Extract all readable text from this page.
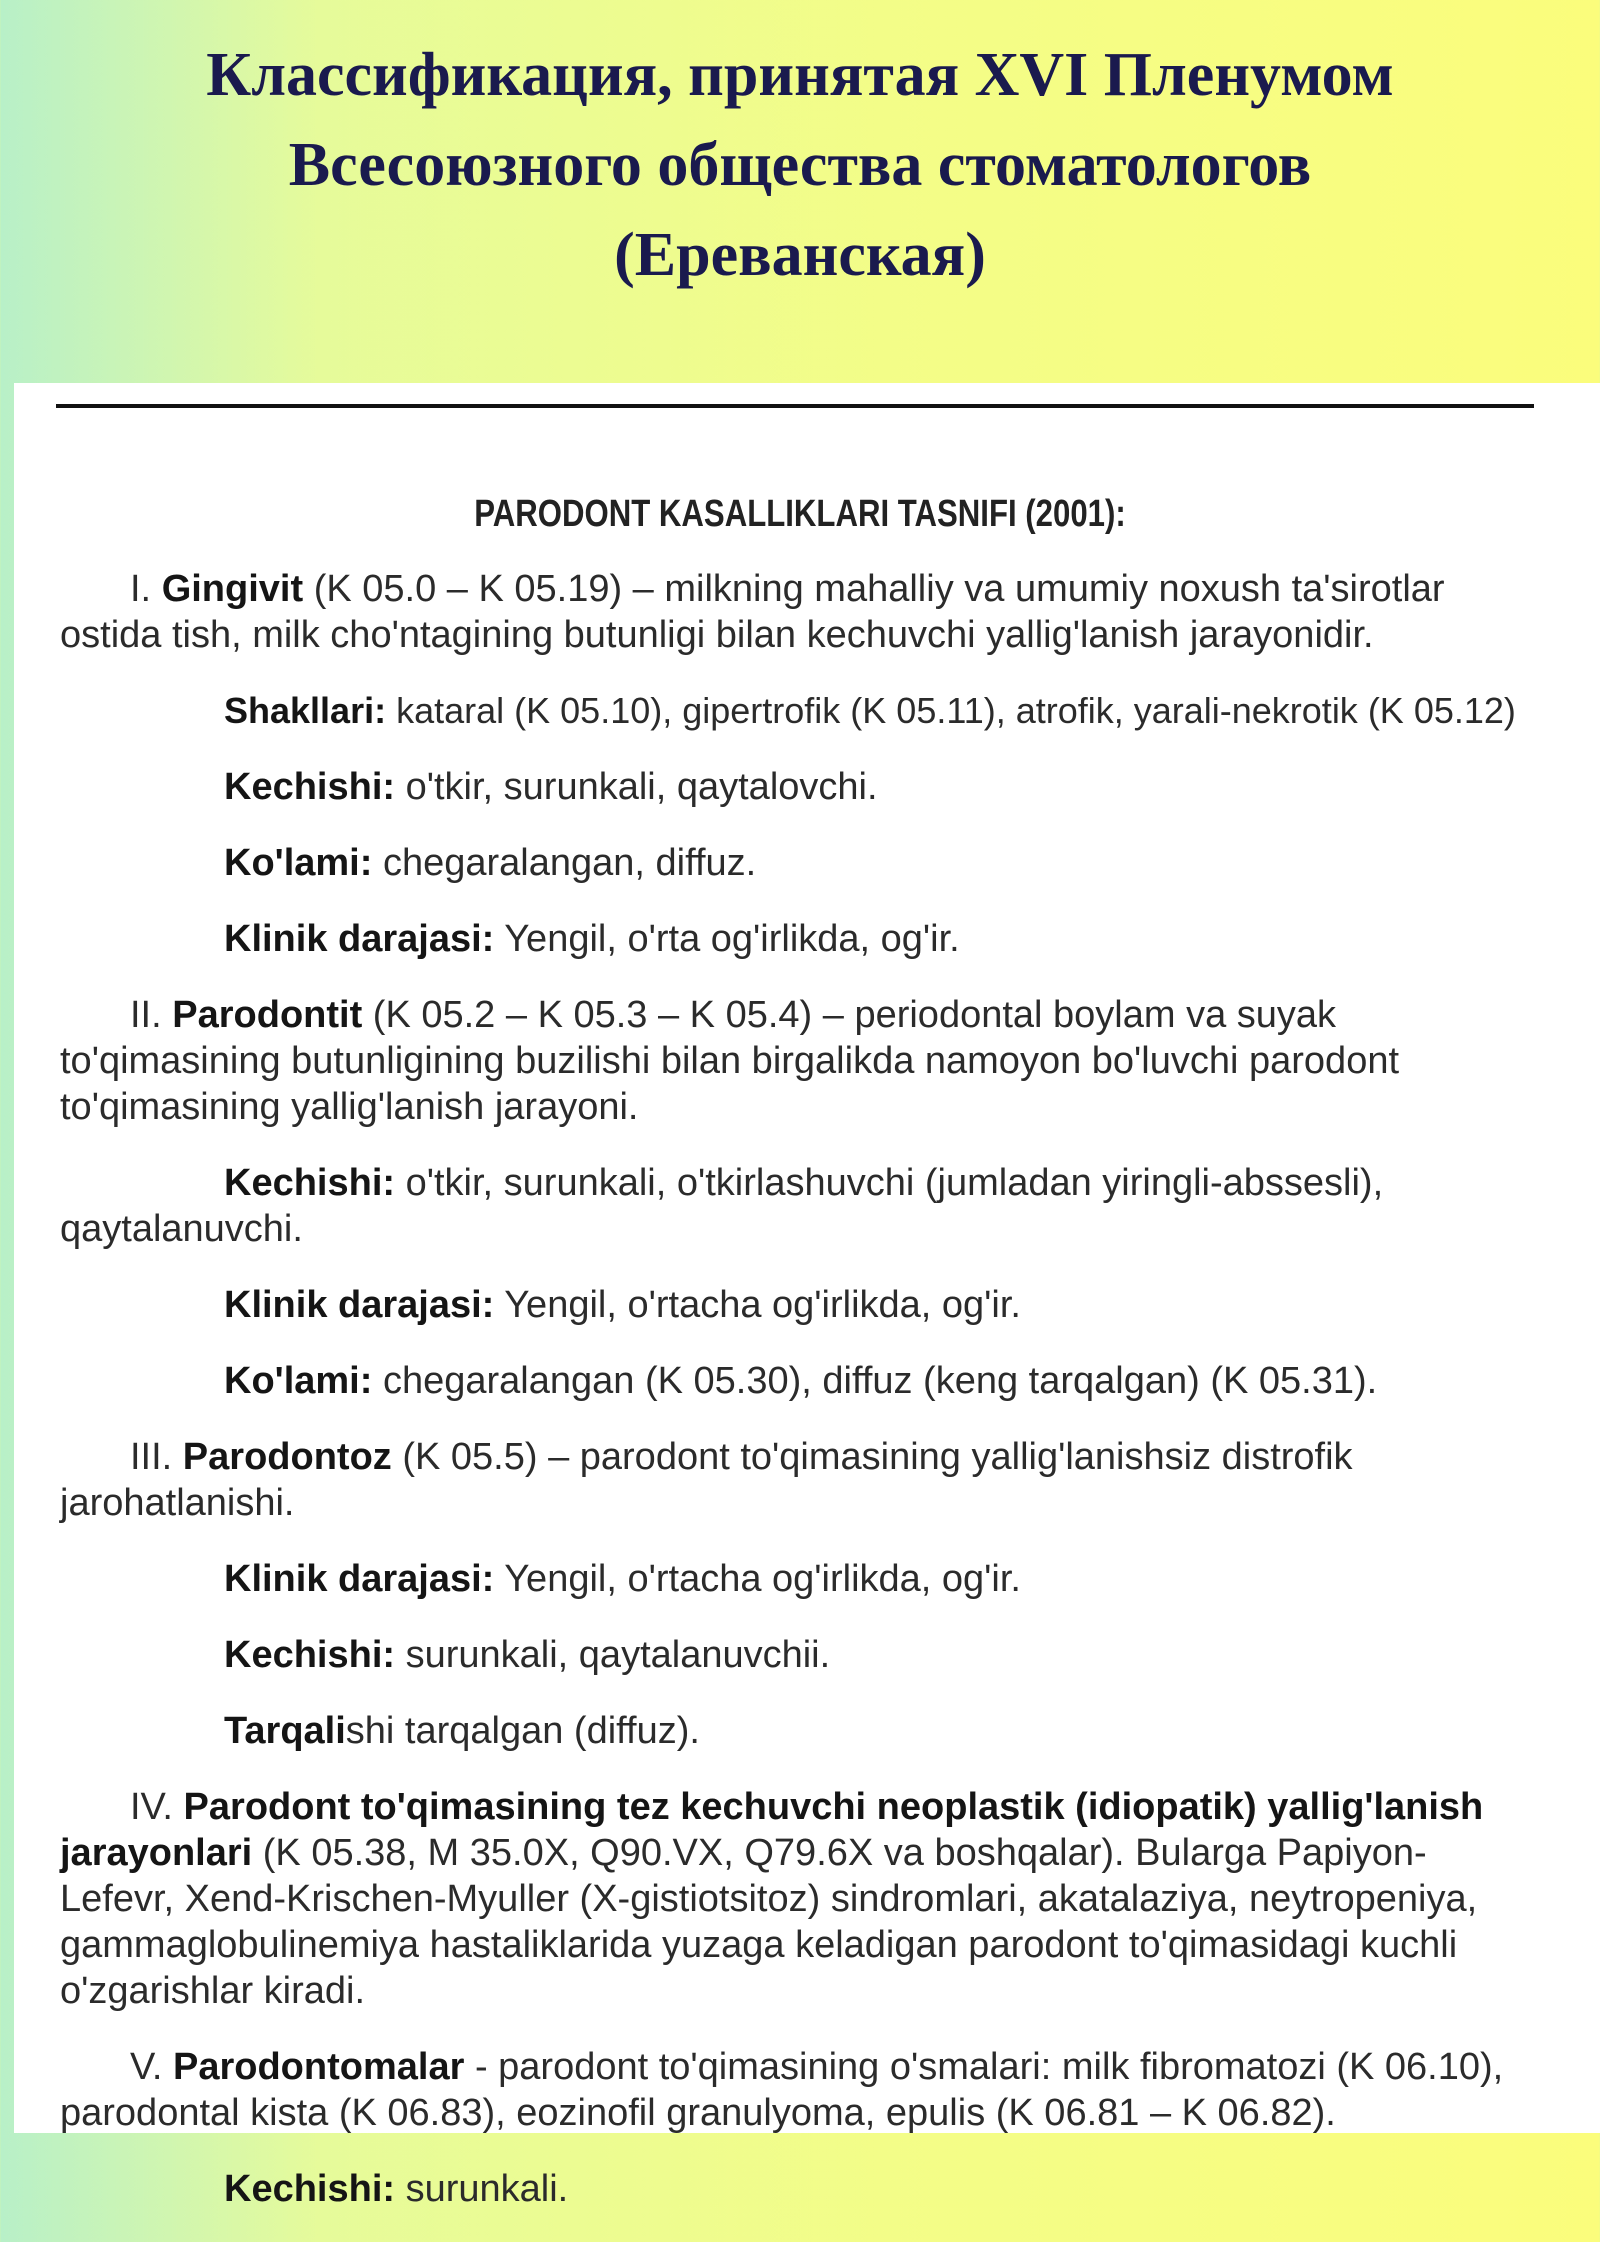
Классификация, принятая XVI Пленумом
Всесоюзного общества стоматологов
(Ереванская)
PARODONT KASALLIKLARI TASNIFI (2001):

I. Gingivit (K 05.0 – K 05.19) – milkning mahalliy va umumiy noxush ta'sirotlar ostida tish, milk cho'ntagining butunligi bilan kechuvchi yallig'lanish jarayonidir.

Shakllari: kataral (K 05.10), gipertrofik (K 05.11), atrofik, yarali-nekrotik (K 05.12)
Kechishi: o'tkir, surunkali, qaytalovchi.
Ko'lami: chegaralangan, diffuz.
Klinik darajasi: Yengil, o'rta og'irlikda, og'ir.

II. Parodontit (K 05.2 – K 05.3 – K 05.4) – periodontal boylam va suyak to'qimasining butunligining buzilishi bilan birgalikda namoyon bo'luvchi parodont to'qimasining yallig'lanish jarayoni.

Kechishi: o'tkir, surunkali, o'tkirlashuvchi (jumladan yiringli-abssesli), qaytalanuvchi.

Klinik darajasi: Yengil, o'rtacha og'irlikda, og'ir.
Ko'lami: chegaralangan (K 05.30), diffuz (keng tarqalgan) (K 05.31).

III. Parodontoz (K 05.5) – parodont to'qimasining yallig'lanishsiz distrofik jarohatlanishi.

Klinik darajasi: Yengil, o'rtacha og'irlikda, og'ir.
Kechishi: surunkali, qaytalanuvchii.
Tarqalishi tarqalgan (diffuz).

IV. Parodont to'qimasining tez kechuvchi neoplastik (idiopatik) yallig'lanish jarayonlari (K 05.38, M 35.0X, Q90.VX, Q79.6X va boshqalar). Bularga Papiyon-Lefevr, Xend-Krischen-Myuller (X-gistiotsitoz) sindromlari, akatalaziya, neytropeniya, gammaglobulinemiya hastaliklarida yuzaga keladigan parodont to'qimasidagi kuchli o'zgarishlar kiradi.

V. Parodontomalar - parodont to'qimasining o'smalari: milk fibromatozi (K 06.10), parodontal kista (K 06.83), eozinofil granulyoma, epulis (K 06.81 – K 06.82).

Kechishi: surunkali.
